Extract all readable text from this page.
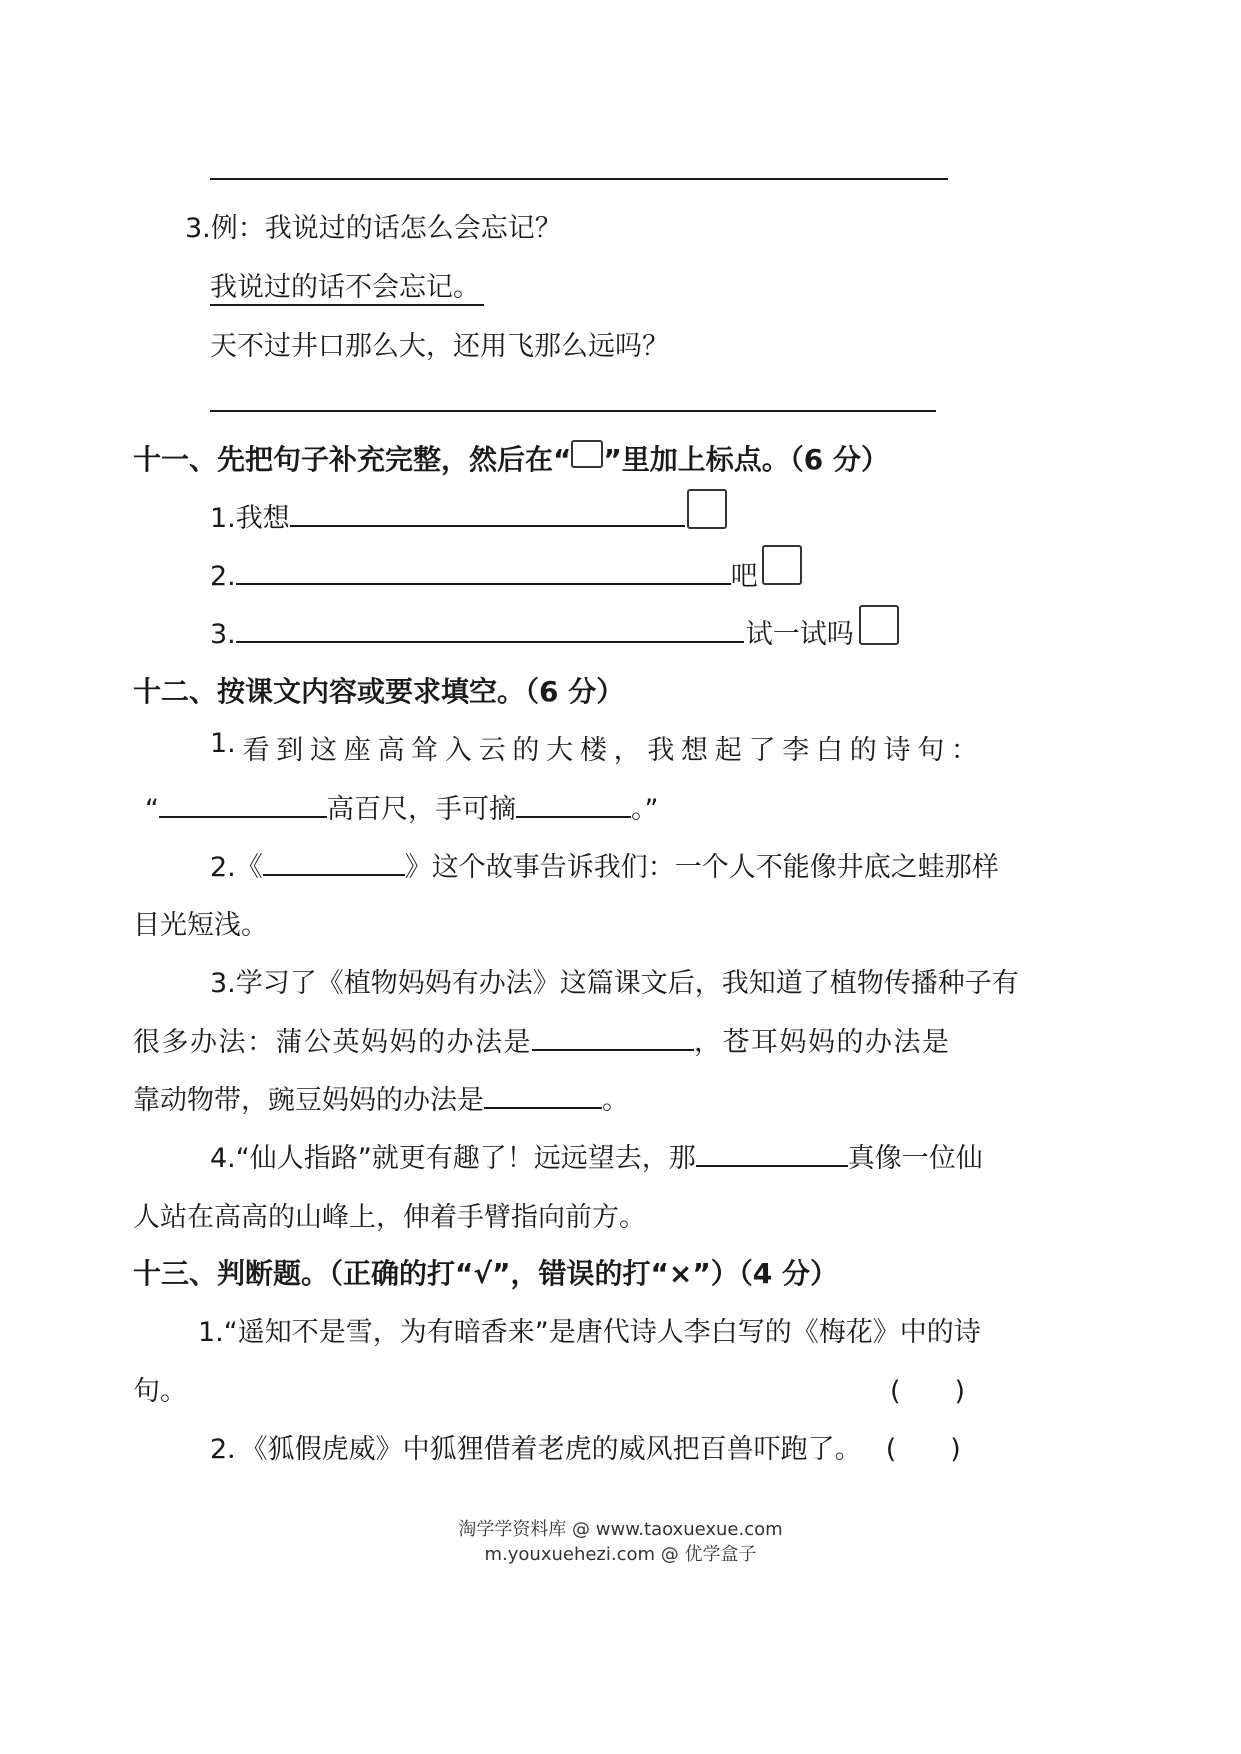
3.例：我说过的话怎么会忘记？
我说过的话不会忘记。
天不过井口那么大，还用飞那么远吗？
十一、先把句子补充完整，然后在“ ”里加上标点。（6 分）
1.我想
2.	吧
3.	试一试吗
十二、按课文内容或要求填空。（6 分）
1. 看 到 这 座 高 耸 入 云 的 大 楼 ， 我 想 起 了 李 白 的 诗 句 ：
“	高百尺，手可摘	。”
2.《	》这个故事告诉我们：一个人不能像井底之蛙那样
目光短浅。
3.学习了《植物妈妈有办法》这篇课文后，我知道了植物传播种子有
很多办法：蒲公英妈妈的办法是	，苍耳妈妈的办法是
靠动物带，豌豆妈妈的办法是	。
4.“仙人指路”就更有趣了！远远望去，那	真像一位仙
人站在高高的山峰上，伸着手臂指向前方。
十三、判断题。（正确的打“√”，错误的打“×”）（4 分）
1.“遥知不是雪，为有暗香来”是唐代诗人李白写的《梅花》中的诗
句。	(　　)
2．《狐假虎威》中狐狸借着老虎的威风把百兽吓跑了。 (　　)
淘学学资料库 @ www.taoxuexue.com
m.youxuehezi.com @ 优学盒子
